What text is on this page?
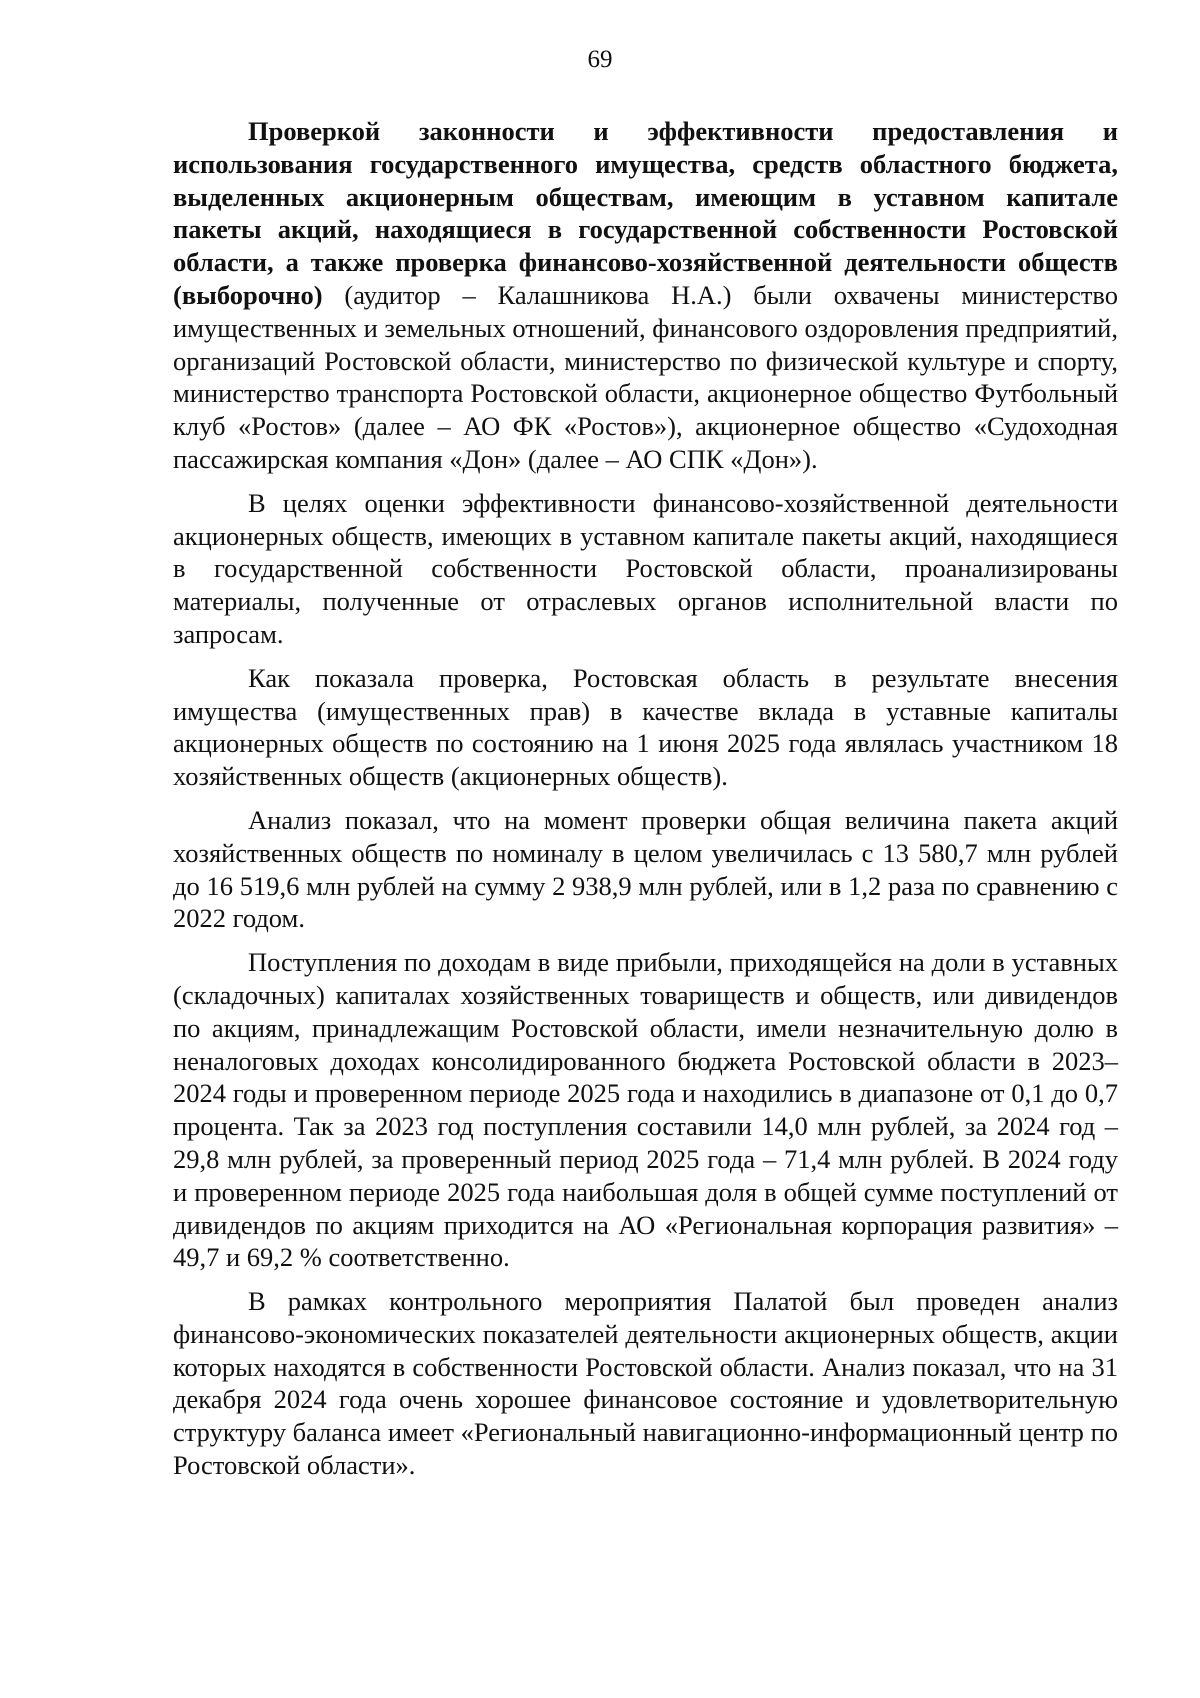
69

Проверкой законности и эффективности предоставления и использования государственного имущества, средств областного бюджета, выделенных акционерным обществам, имеющим в уставном капитале пакеты акций, находящиеся в государственной собственности Ростовской области, а также проверка финансово-хозяйственной деятельности обществ (выборочно) (аудитор – Калашникова Н.А.) были охвачены министерство имущественных и земельных отношений, финансового оздоровления предприятий, организаций Ростовской области, министерство по физической культуре и спорту, министерство транспорта Ростовской области, акционерное общество Футбольный клуб «Ростов» (далее – АО ФК «Ростов»), акционерное общество «Судоходная пассажирская компания «Дон» (далее – АО СПК «Дон»).

В целях оценки эффективности финансово-хозяйственной деятельности акционерных обществ, имеющих в уставном капитале пакеты акций, находящиеся в государственной собственности Ростовской области, проанализированы материалы, полученные от отраслевых органов исполнительной власти по запросам.

Как показала проверка, Ростовская область в результате внесения имущества (имущественных прав) в качестве вклада в уставные капиталы акционерных обществ по состоянию на 1 июня 2025 года являлась участником 18 хозяйственных обществ (акционерных обществ).

Анализ показал, что на момент проверки общая величина пакета акций хозяйственных обществ по номиналу в целом увеличилась с 13 580,7 млн рублей до 16 519,6 млн рублей на сумму 2 938,9 млн рублей, или в 1,2 раза по сравнению с 2022 годом.

Поступления по доходам в виде прибыли, приходящейся на доли в уставных (складочных) капиталах хозяйственных товариществ и обществ, или дивидендов по акциям, принадлежащим Ростовской области, имели незначительную долю в неналоговых доходах консолидированного бюджета Ростовской области в 2023–2024 годы и проверенном периоде 2025 года и находились в диапазоне от 0,1 до 0,7 процента. Так за 2023 год поступления составили 14,0 млн рублей, за 2024 год – 29,8 млн рублей, за проверенный период 2025 года – 71,4 млн рублей. В 2024 году и проверенном периоде 2025 года наибольшая доля в общей сумме поступлений от дивидендов по акциям приходится на АО «Региональная корпорация развития» – 49,7 и 69,2 % соответственно.

В рамках контрольного мероприятия Палатой был проведен анализ финансово-экономических показателей деятельности акционерных обществ, акции которых находятся в собственности Ростовской области. Анализ показал, что на 31 декабря 2024 года очень хорошее финансовое состояние и удовлетворительную структуру баланса имеет «Региональный навигационно-информационный центр по Ростовской области».
